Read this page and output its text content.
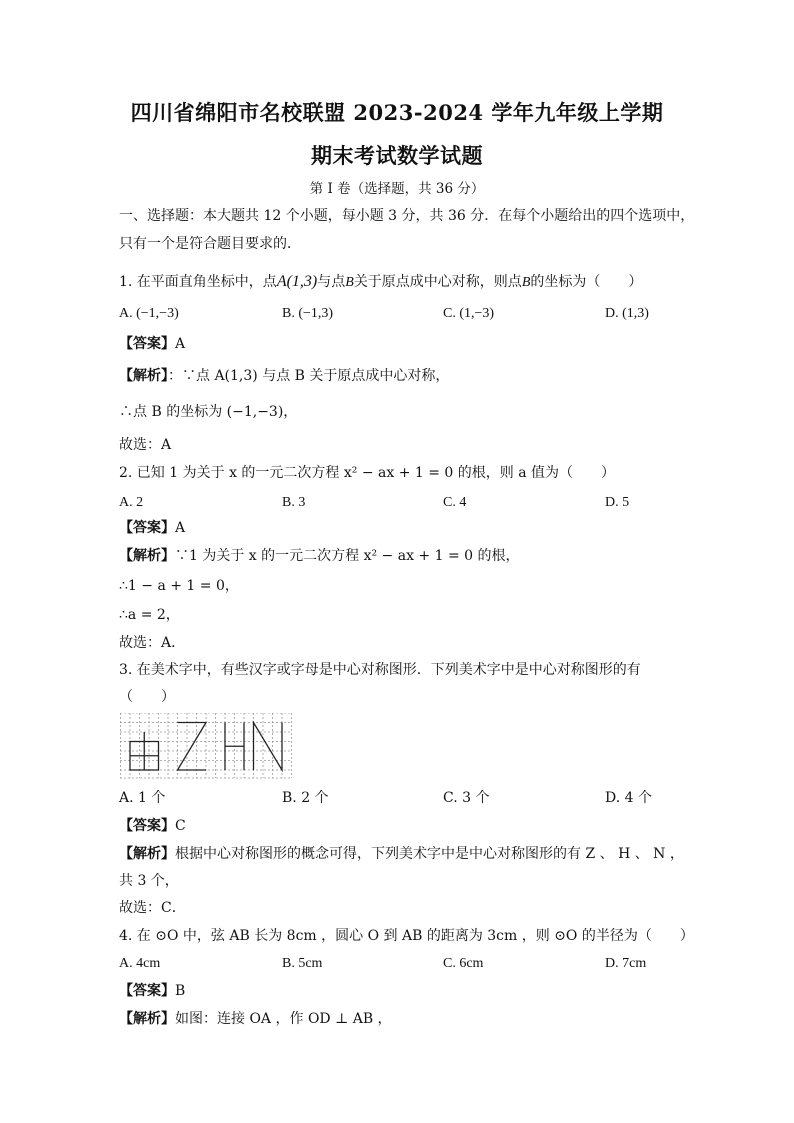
四川省绵阳市名校联盟 2023-2024 学年九年级上学期
期末考试数学试题
第 I 卷（选择题，共 36 分）
一、选择题：本大题共 12 个小题，每小题 3 分，共 36 分．在每个小题给出的四个选项中，
只有一个是符合题目要求的．
1. 在平面直角坐标中，点A(1,3)与点B关于原点成中心对称，则点B的坐标为（　　）
A. (−1,−3)	B. (−1,3)	C. (1,−3)	D. (1,3)
【答案】A
【解析】：∵点 A(1,3) 与点 B 关于原点成中心对称，
∴点 B 的坐标为 (−1,−3)，
故选：A
2. 已知 1 为关于 x 的一元二次方程 x² − ax + 1 = 0 的根，则 a 值为（　　）
A. 2	B. 3	C. 4	D. 5
【答案】A
【解析】∵1 为关于 x 的一元二次方程 x² − ax + 1 = 0 的根，
∴1 − a + 1 = 0，
∴a = 2，
故选：A．
3. 在美术字中，有些汉字或字母是中心对称图形．下列美术字中是中心对称图形的有
（　　）
A. 1 个	B. 2 个	C. 3 个	D. 4 个
【答案】C
【解析】根据中心对称图形的概念可得，下列美术字中是中心对称图形的有 Z 、 H 、 N ，
共 3 个，
故选：C．
4. 在 ⊙O 中，弦 AB 长为 8cm ，圆心 O 到 AB 的距离为 3cm ，则 ⊙O 的半径为（　　）
A. 4cm	B. 5cm	C. 6cm	D. 7cm
【答案】B
【解析】如图：连接 OA ，作 OD ⊥ AB ，
